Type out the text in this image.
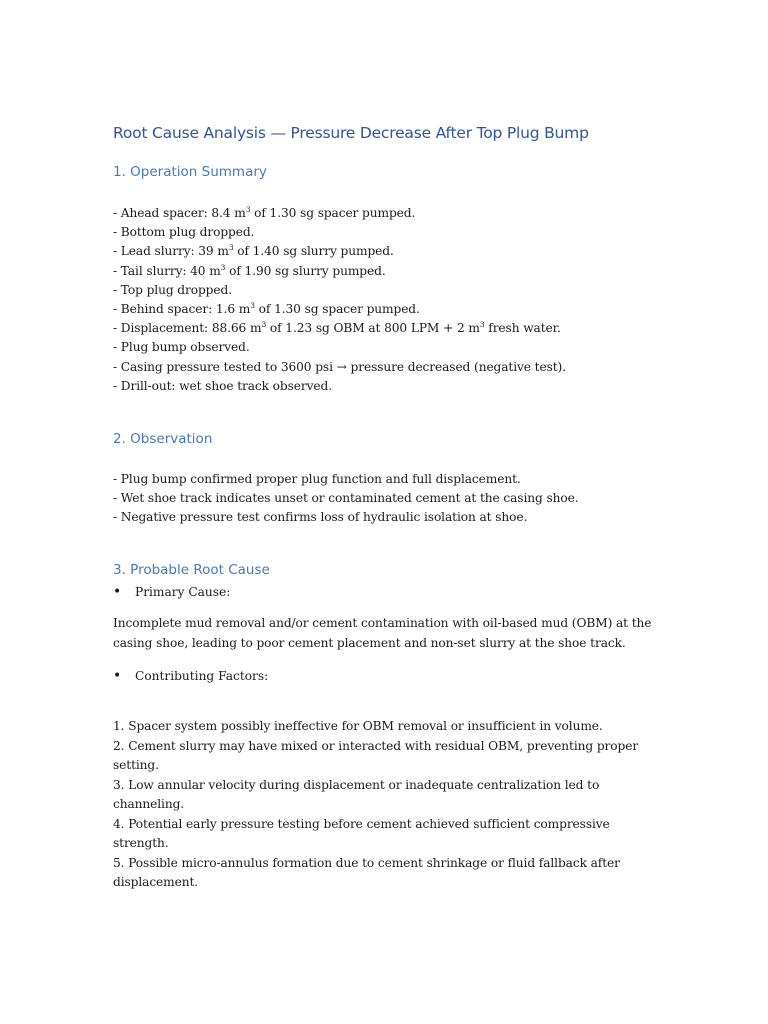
Root Cause Analysis — Pressure Decrease After Top Plug Bump
1. Operation Summary
- Ahead spacer: 8.4 $m^3$ of 1.30 sg spacer pumped.
- Bottom plug dropped.
- Lead slurry: 39 $m^3$ of 1.40 sg slurry pumped.
- Tail slurry: 40 $m^3$ of 1.90 sg slurry pumped.
- Top plug dropped.
- Behind spacer: 1.6 $m^3$ of 1.30 sg spacer pumped.
- Displacement: 88.66 $m^3$ of 1.23 sg OBM at 800 LPM + 2 $m^3$ fresh water.
- Plug bump observed.
- Casing pressure tested to 3600 psi → pressure decreased (negative test).
- Drill-out: wet shoe track observed.
2. Observation
- Plug bump confirmed proper plug function and full displacement.
- Wet shoe track indicates unset or contaminated cement at the casing shoe.
- Negative pressure test confirms loss of hydraulic isolation at shoe.
3. Probable Root Cause
• Primary Cause:
Incomplete mud removal and/or cement contamination with oil-based mud (OBM) at the casing shoe, leading to poor cement placement and non-set slurry at the shoe track.
• Contributing Factors:
1. Spacer system possibly ineffective for OBM removal or insufficient in volume.
2. Cement slurry may have mixed or interacted with residual OBM, preventing proper setting.
3. Low annular velocity during displacement or inadequate centralization led to channeling.
4. Potential early pressure testing before cement achieved sufficient compressive strength.
5. Possible micro-annulus formation due to cement shrinkage or fluid fallback after displacement.
